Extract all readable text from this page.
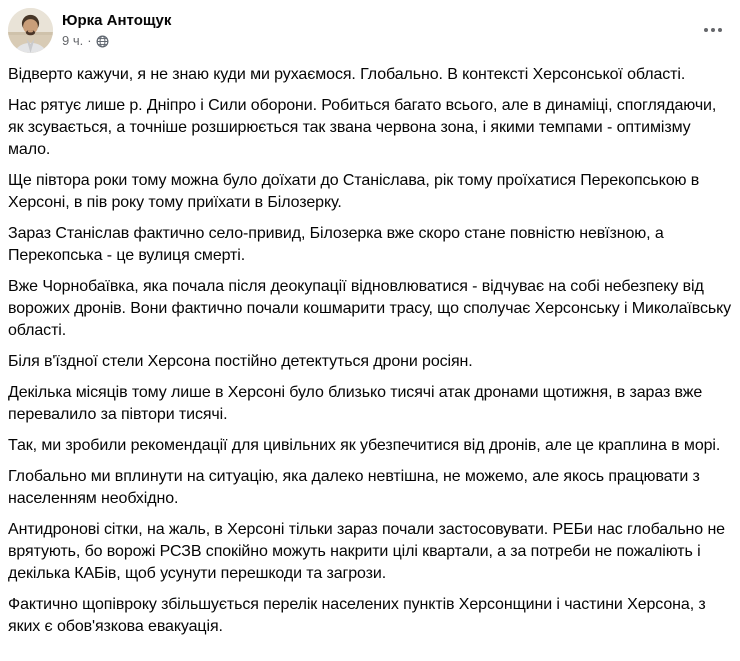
Юрка Антощук
9 ч. ·

Відверто кажучи, я не знаю куди ми рухаємося. Глобально. В контексті Херсонської області.

Нас рятує лише р. Дніпро і Сили оборони. Робиться багато всього, але в динаміці, споглядаючи, як зсувається, а точніше розширюється так звана червона зона, і якими темпами - оптимізму мало.

Ще півтора роки тому можна було доїхати до Станіслава, рік тому проїхатися Перекопською в Херсоні, в пів року тому приїхати в Білозерку.

Зараз Станіслав фактично село-привид, Білозерка вже скоро стане повністю невїзною, а Перекопська - це вулиця смерті.

Вже Чорнобаївка, яка почала після деокупації відновлюватися - відчуває на собі небезпеку від ворожих дронів. Вони фактично почали кошмарити трасу, що сполучає Херсонську і Миколаївську області.

Біля в'їздної стели Херсона постійно детектуться дрони росіян.

Декілька місяців тому лише в Херсоні було близько тисячі атак дронами щотижня, в зараз вже перевалило за півтори тисячі.

Так, ми зробили рекомендації для цивільних як убезпечитися від дронів, але це краплина в морі.

Глобально ми вплинути на ситуацію, яка далеко невтішна, не можемо, але якось працювати з населенням необхідно.

Антидронові сітки, на жаль, в Херсоні тільки зараз почали застосовувати. РЕБи нас глобально не врятують, бо ворожі РСЗВ спокійно можуть накрити цілі квартали, а за потреби не пожаліють і декілька КАБів, щоб усунути перешкоди та загрози.

Фактично щопівроку збільшується перелік населених пунктів Херсонщини і частини Херсона, з яких є обов'язкова евакуація.
